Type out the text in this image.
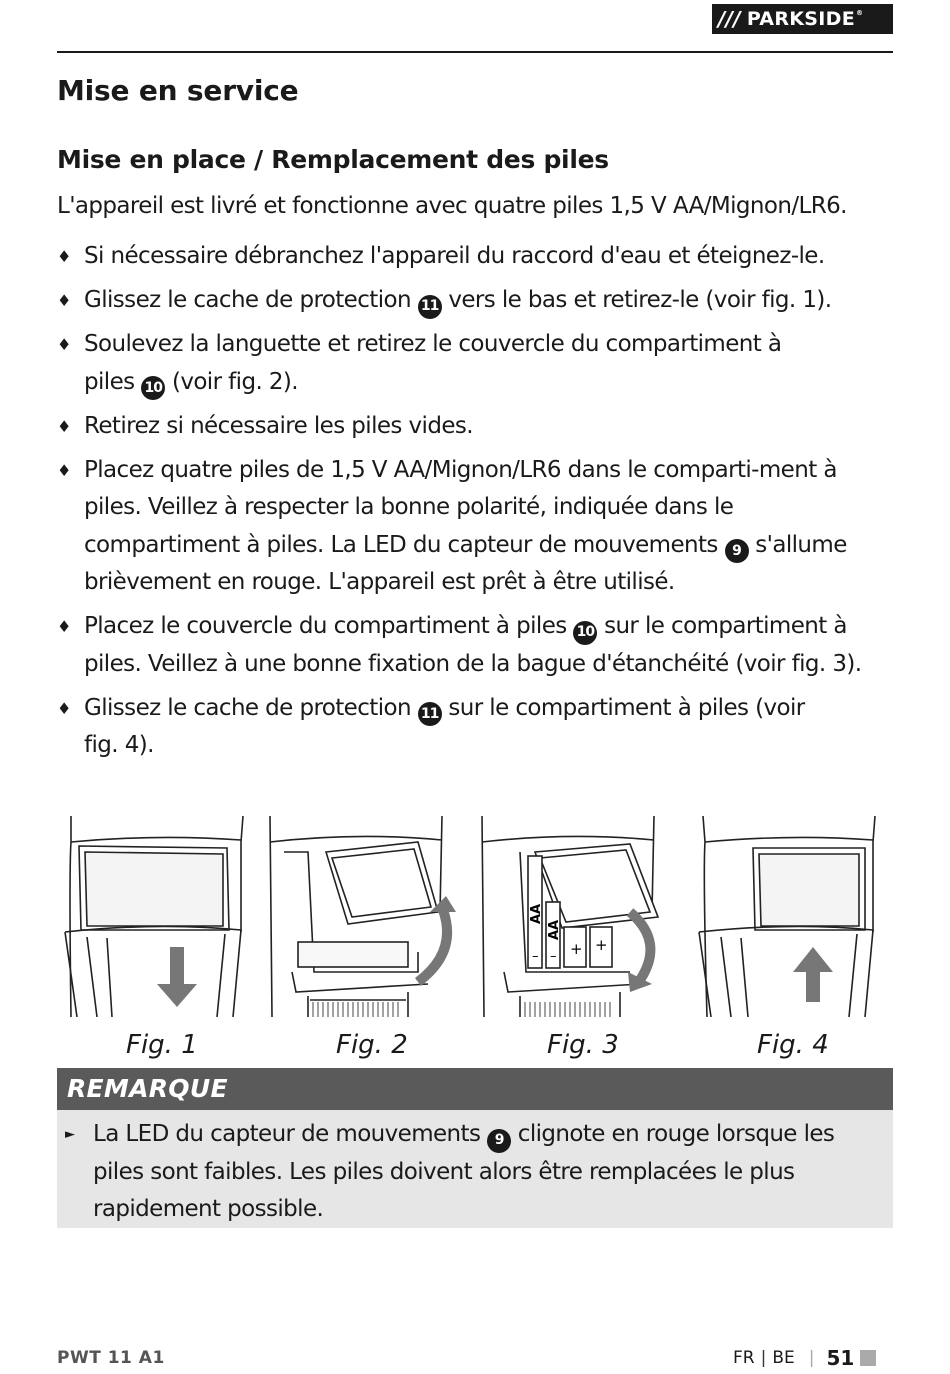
/// PARKSIDE ®
Mise en service
Mise en place / Remplacement des piles

L'appareil est livré et fonctionne avec quatre piles 1,5 V AA/Mignon/LR6.

♦ Si nécessaire débranchez l'appareil du raccord d'eau et éteignez-le.
♦ Glissez le cache de protection 11 vers le bas et retirez-le (voir fig. 1).
♦ Soulevez la languette et retirez le couvercle du compartiment à piles 10 (voir fig. 2).
♦ Retirez si nécessaire les piles vides.
♦ Placez quatre piles de 1,5 V AA/Mignon/LR6 dans le comparti-ment à piles. Veillez à respecter la bonne polarité, indiquée dans le compartiment à piles. La LED du capteur de mouvements 9 s'allume brièvement en rouge. L'appareil est prêt à être utilisé.
♦ Placez le couvercle du compartiment à piles 10 sur le compartiment à piles. Veillez à une bonne fixation de la bague d'étanchéité (voir fig. 3).
♦ Glissez le cache de protection 11 sur le compartiment à piles (voir fig. 4).
AA
AA
+ +
–
–
Fig. 1	Fig. 2	Fig. 3	Fig. 4
REMARQUE

► La LED du capteur de mouvements 9 clignote en rouge lorsque les piles sont faibles. Les piles doivent alors être remplacées le plus rapidement possible.

PWT 11 A1	FR | BE | 51
